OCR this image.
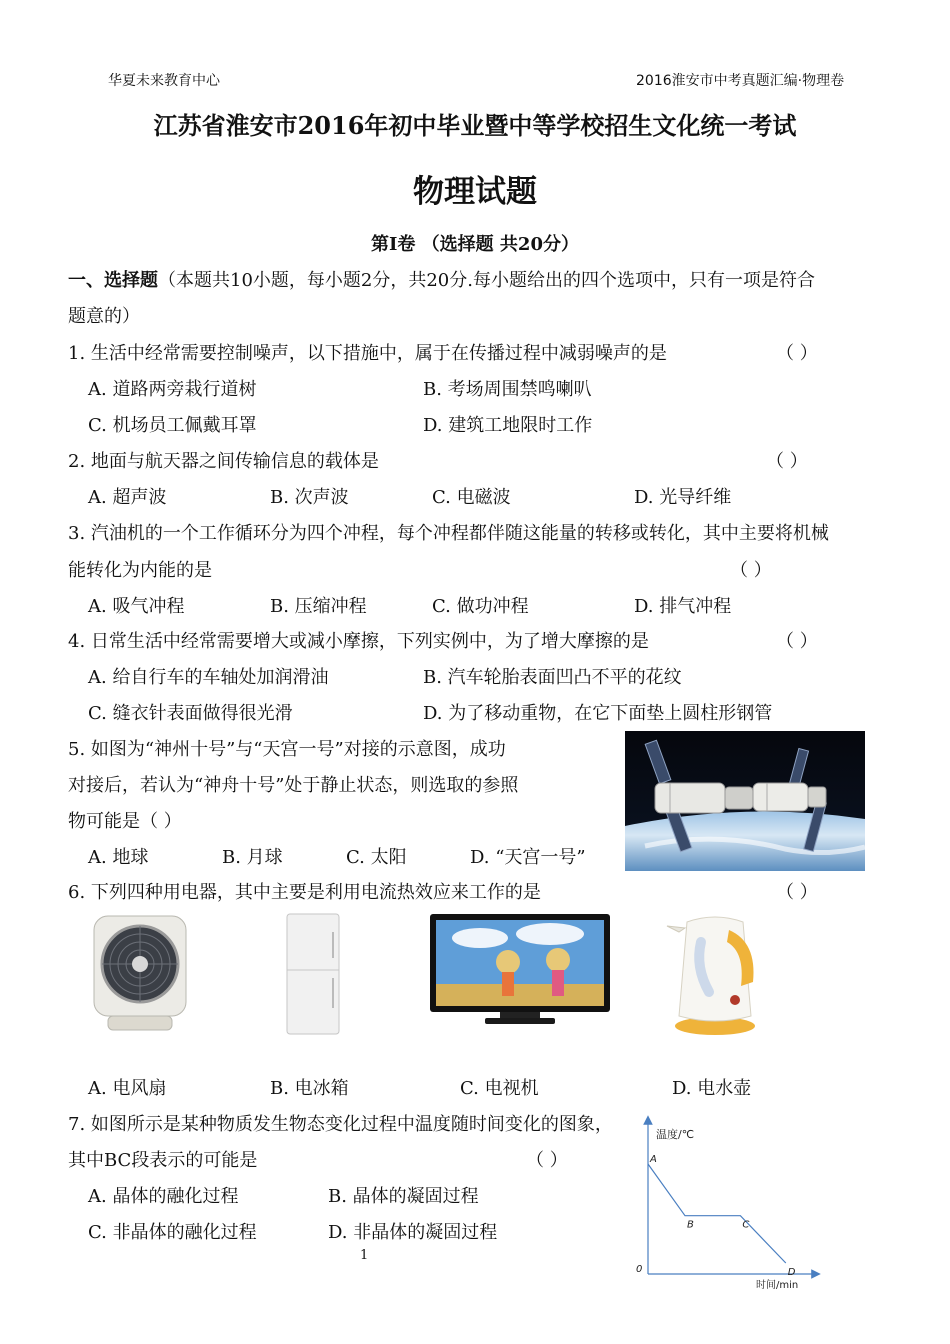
华夏未来教育中心	2016淮安市中考真题汇编·物理卷
江苏省淮安市2016年初中毕业暨中等学校招生文化统一考试
物理试题
第Ⅰ卷 （选择题 共20分）
一、选择题（本题共10小题，每小题2分，共20分.每小题给出的四个选项中，只有一项是符合
题意的）
1. 生活中经常需要控制噪声，以下措施中，属于在传播过程中减弱噪声的是	（ ）
A. 道路两旁栽行道树	B. 考场周围禁鸣喇叭
C. 机场员工佩戴耳罩	D. 建筑工地限时工作
2. 地面与航天器之间传输信息的载体是	（ ）
A. 超声波	B. 次声波	C. 电磁波	D. 光导纤维
3. 汽油机的一个工作循环分为四个冲程，每个冲程都伴随这能量的转移或转化，其中主要将机械
能转化为内能的是	（ ）
A. 吸气冲程	B. 压缩冲程	C. 做功冲程	D. 排气冲程
4. 日常生活中经常需要增大或减小摩擦，下列实例中，为了增大摩擦的是	（ ）
A. 给自行车的车轴处加润滑油	B. 汽车轮胎表面凹凸不平的花纹
C. 缝衣针表面做得很光滑	D. 为了移动重物，在它下面垫上圆柱形钢管
5. 如图为“神州十号”与“天宫一号”对接的示意图，成功
对接后，若认为“神舟十号”处于静止状态，则选取的参照
物可能是（ ）
A. 地球	B. 月球	C. 太阳	D. “天宫一号”
6. 下列四种用电器，其中主要是利用电流热效应来工作的是	（ ）
A. 电风扇	B. 电冰箱	C. 电视机	D. 电水壶
7. 如图所示是某种物质发生物态变化过程中温度随时间变化的图象，
其中BC段表示的可能是	（ ）
A. 晶体的融化过程	B. 晶体的凝固过程
C. 非晶体的融化过程	D. 非晶体的凝固过程
温度/℃
时间/min
0
A
B	C
D
1
